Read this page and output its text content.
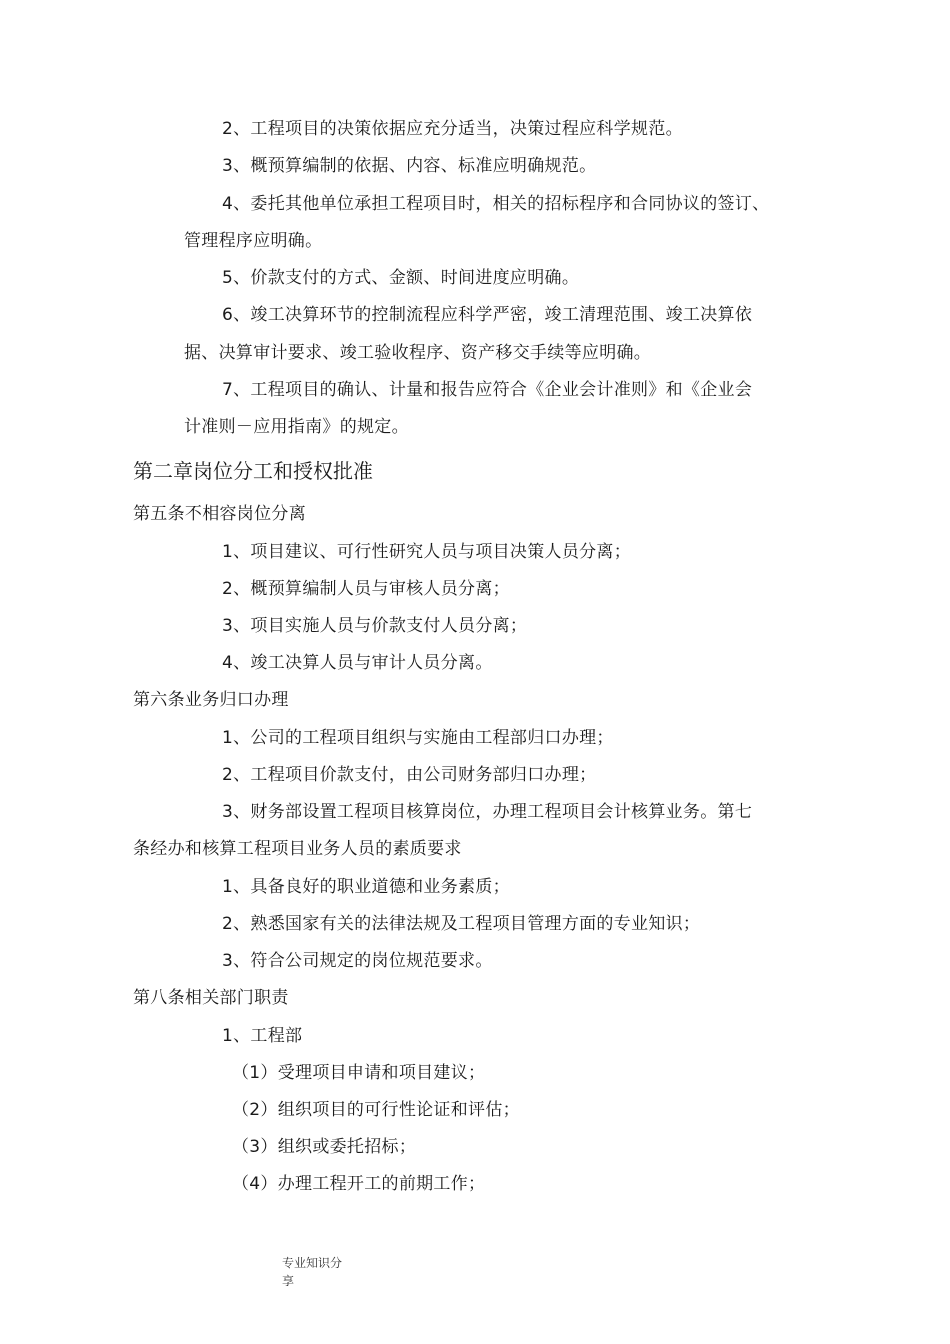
2、工程项目的决策依据应充分适当，决策过程应科学规范。
3、概预算编制的依据、内容、标准应明确规范。
4、委托其他单位承担工程项目时，相关的招标程序和合同协议的签订、
管理程序应明确。
5、价款支付的方式、金额、时间进度应明确。
6、竣工决算环节的控制流程应科学严密，竣工清理范围、竣工决算依
据、决算审计要求、竣工验收程序、资产移交手续等应明确。
7、工程项目的确认、计量和报告应符合《企业会计准则》和《企业会
计准则－应用指南》的规定。
第二章岗位分工和授权批准
第五条不相容岗位分离
1、项目建议、可行性研究人员与项目决策人员分离；
2、概预算编制人员与审核人员分离；
3、项目实施人员与价款支付人员分离；
4、竣工决算人员与审计人员分离。
第六条业务归口办理
1、公司的工程项目组织与实施由工程部归口办理；
2、工程项目价款支付，由公司财务部归口办理；
3、财务部设置工程项目核算岗位，办理工程项目会计核算业务。第七
条经办和核算工程项目业务人员的素质要求
1、具备良好的职业道德和业务素质；
2、熟悉国家有关的法律法规及工程项目管理方面的专业知识；
3、符合公司规定的岗位规范要求。
第八条相关部门职责
1、工程部
（1）受理项目申请和项目建议；
（2）组织项目的可行性论证和评估；
（3）组织或委托招标；
（4）办理工程开工的前期工作；
专业知识分
享
